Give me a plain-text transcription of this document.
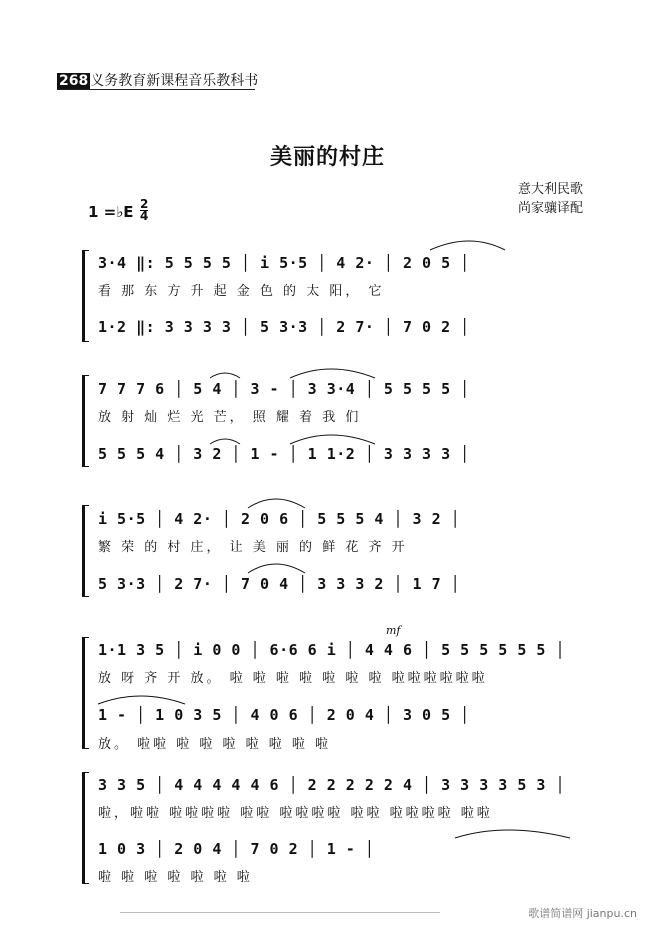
268 义务教育新课程音乐教科书
美丽的村庄
意大利民歌
尚家骧译配
1 =♭E 2
4
3·4 ‖: 5 5 5 5 │ i 5·5 │ 4 2· │ 2 0 5 │
看 那 东 方 升 起 金 色 的 太 阳， 它
1·2 ‖: 3 3 3 3 │ 5 3·3 │ 2 7· │ 7 0 2 │
7 7 7 6 │ 5 4 │ 3 - │ 3 3·4 │ 5 5 5 5 │
放 射 灿 烂 光 芒， 照 耀 着 我 们
5 5 5 4 │ 3 2 │ 1 - │ 1 1·2 │ 3 3 3 3 │
i 5·5 │ 4 2· │ 2 0 6 │ 5 5 5 4 │ 3 2 │
繁 荣 的 村 庄， 让 美 丽 的 鲜 花 齐 开
5 3·3 │ 2 7· │ 7 0 4 │ 3 3 3 2 │ 1 7 │
mf
1·1 3 5 │ i 0 0 │ 6·6 6 i │ 4 4 6 │ 5 5 5 5 5 5 │
放 呀 齐 开 放。 啦 啦 啦 啦 啦 啦 啦 啦啦啦啦啦啦
1 - │ 1 0 3 5 │ 4 0 6 │ 2 0 4 │ 3 0 5 │
放。 啦啦 啦 啦 啦 啦 啦 啦 啦
3 3 5 │ 4 4 4 4 4 6 │ 2 2 2 2 2 4 │ 3 3 3 3 5 3 │
啦，啦啦 啦啦啦啦 啦啦 啦啦啦啦 啦啦 啦啦啦啦 啦啦
1 0 3 │ 2 0 4 │ 7 0 2 │ 1 - │
啦 啦 啦 啦 啦 啦 啦
歌谱简谱网 jianpu.cn
